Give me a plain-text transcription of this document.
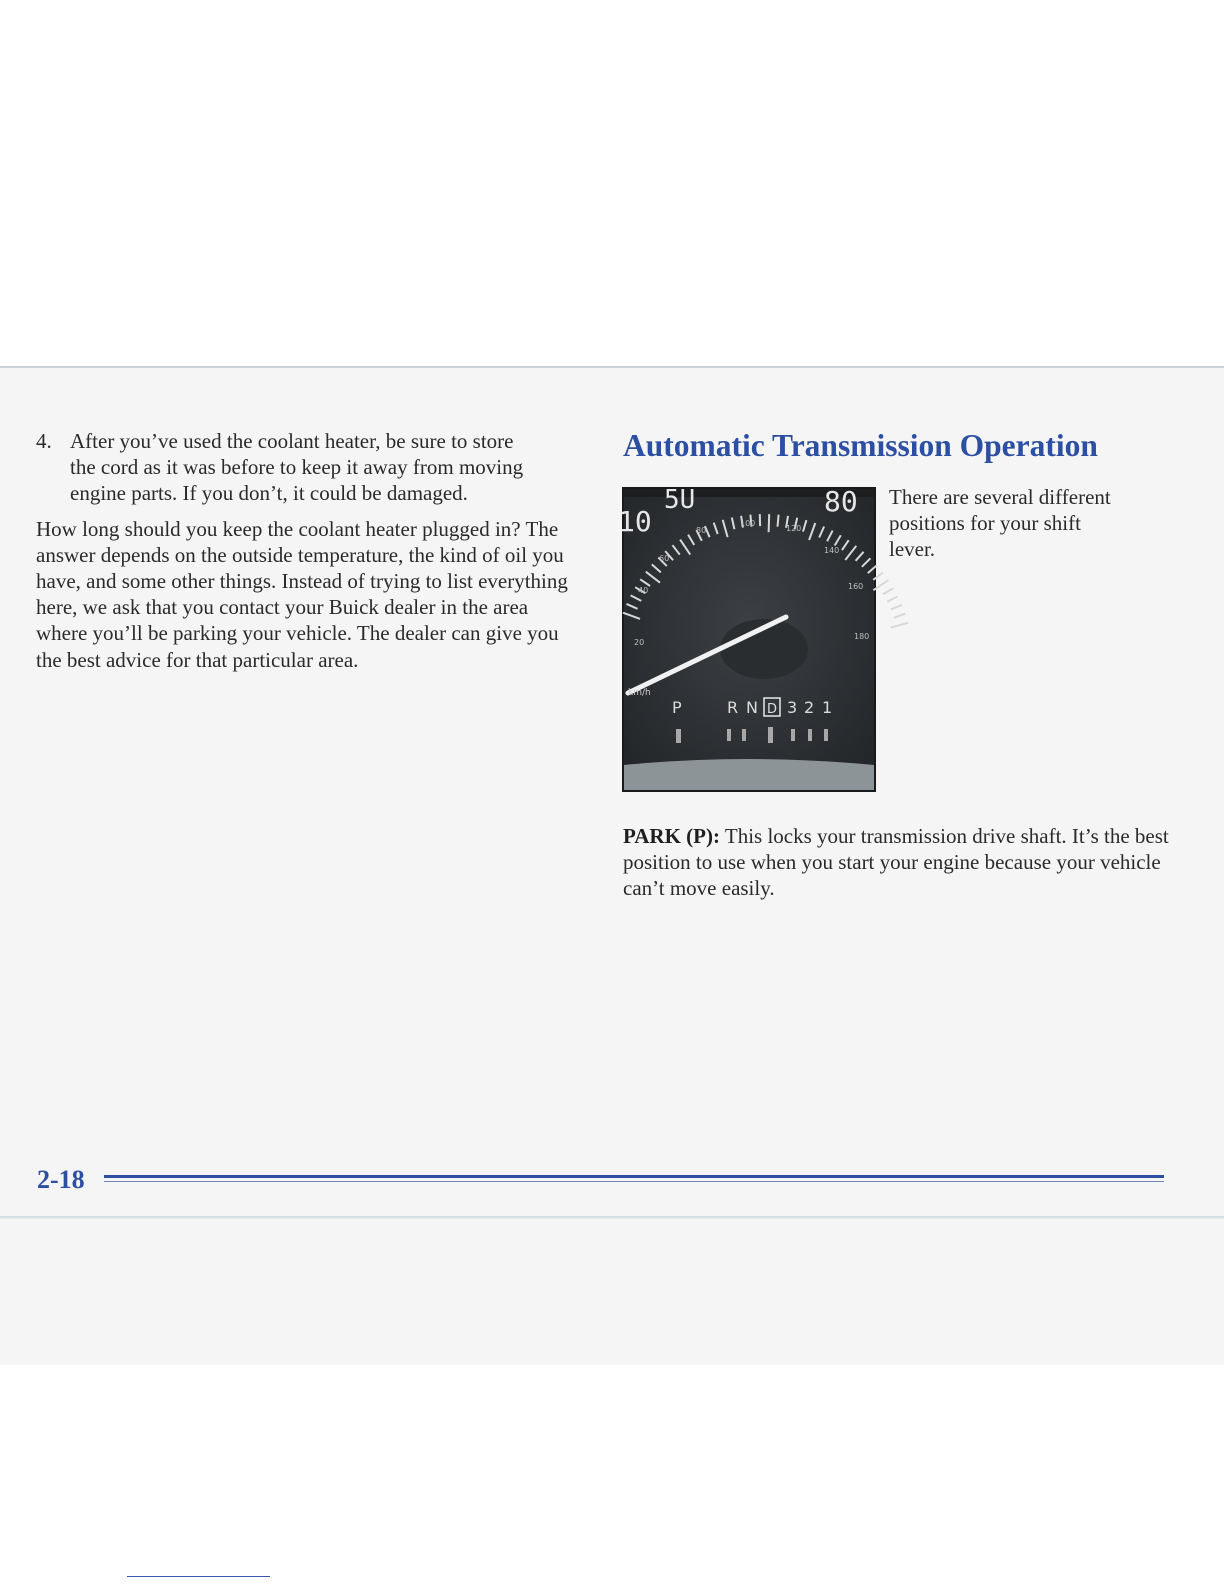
4. After you’ve used the coolant heater, be sure to store the cord as it was before to keep it away from moving engine parts. If you don’t, it could be damaged.

How long should you keep the coolant heater plugged in? The answer depends on the outside temperature, the kind of oil you have, and some other things. Instead of trying to list everything here, we ask that you contact your Buick dealer in the area where you’ll be parking your vehicle. The dealer can give you the best advice for that particular area.

Automatic Transmission Operation
5U	80
10
20
40
60
80
100
120
140
160
180
km/h
P	R N D 3 2 1

There are several different positions for your shift lever.

PARK (P): This locks your transmission drive shaft. It’s the best position to use when you start your engine because your vehicle can’t move easily.

2-18
